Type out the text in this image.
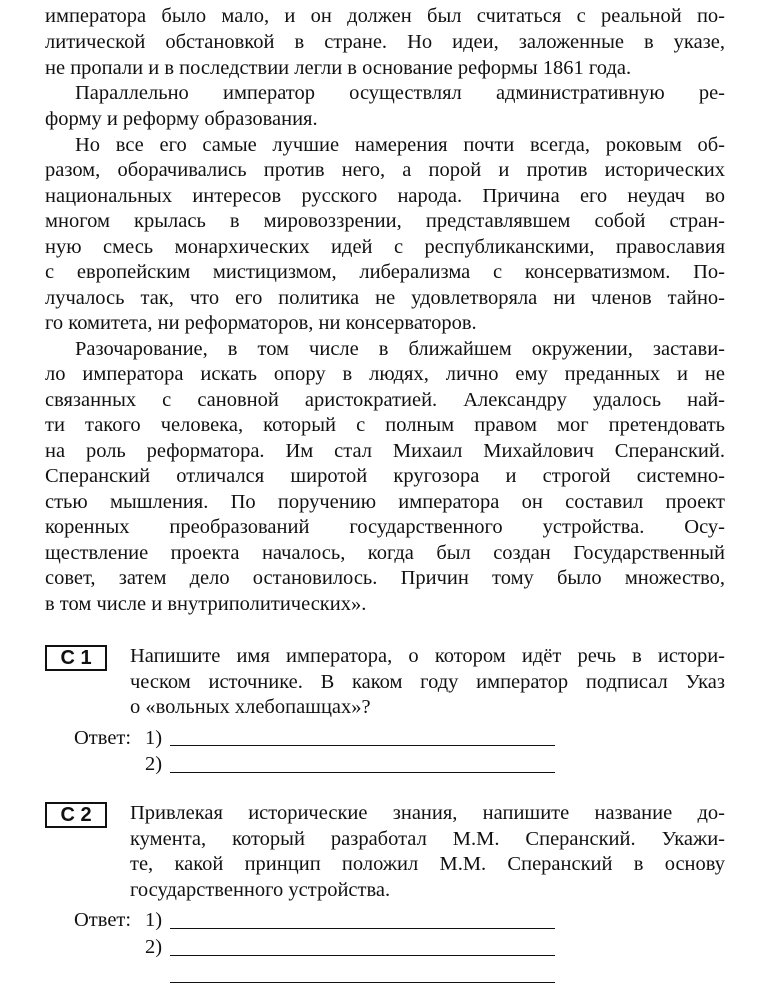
императора было мало, и он должен был считаться с реальной по-
литической обстановкой в стране. Но идеи, заложенные в указе,
не пропали и в последствии легли в основание реформы 1861 года.
Параллельно император осуществлял административную ре-
форму и реформу образования.
Но все его самые лучшие намерения почти всегда, роковым об-
разом, оборачивались против него, а порой и против исторических
национальных интересов русского народа. Причина его неудач во
многом крылась в мировоззрении, представлявшем собой стран-
ную смесь монархических идей с республиканскими, православия
с европейским мистицизмом, либерализма с консерватизмом. По-
лучалось так, что его политика не удовлетворяла ни членов тайно-
го комитета, ни реформаторов, ни консерваторов.
Разочарование, в том числе в ближайшем окружении, застави-
ло императора искать опору в людях, лично ему преданных и не
связанных с сановной аристократией. Александру удалось най-
ти такого человека, который с полным правом мог претендовать
на роль реформатора. Им стал Михаил Михайлович Сперанский.
Сперанский отличался широтой кругозора и строгой системно-
стью мышления. По поручению императора он составил проект
коренных преобразований государственного устройства. Осу-
ществление проекта началось, когда был создан Государственный
совет, затем дело остановилось. Причин тому было множество,
в том числе и внутриполитических».
С 1	Напишите имя императора, о котором идёт речь в истори-
ческом источнике. В каком году император подписал Указ
о «вольных хлебопашцах»?
Ответ: 1)
2)
С 2	Привлекая исторические знания, напишите название до-
кумента, который разработал М.М. Сперанский. Укажи-
те, какой принцип положил М.М. Сперанский в основу
государственного устройства.
Ответ: 1)
2)
